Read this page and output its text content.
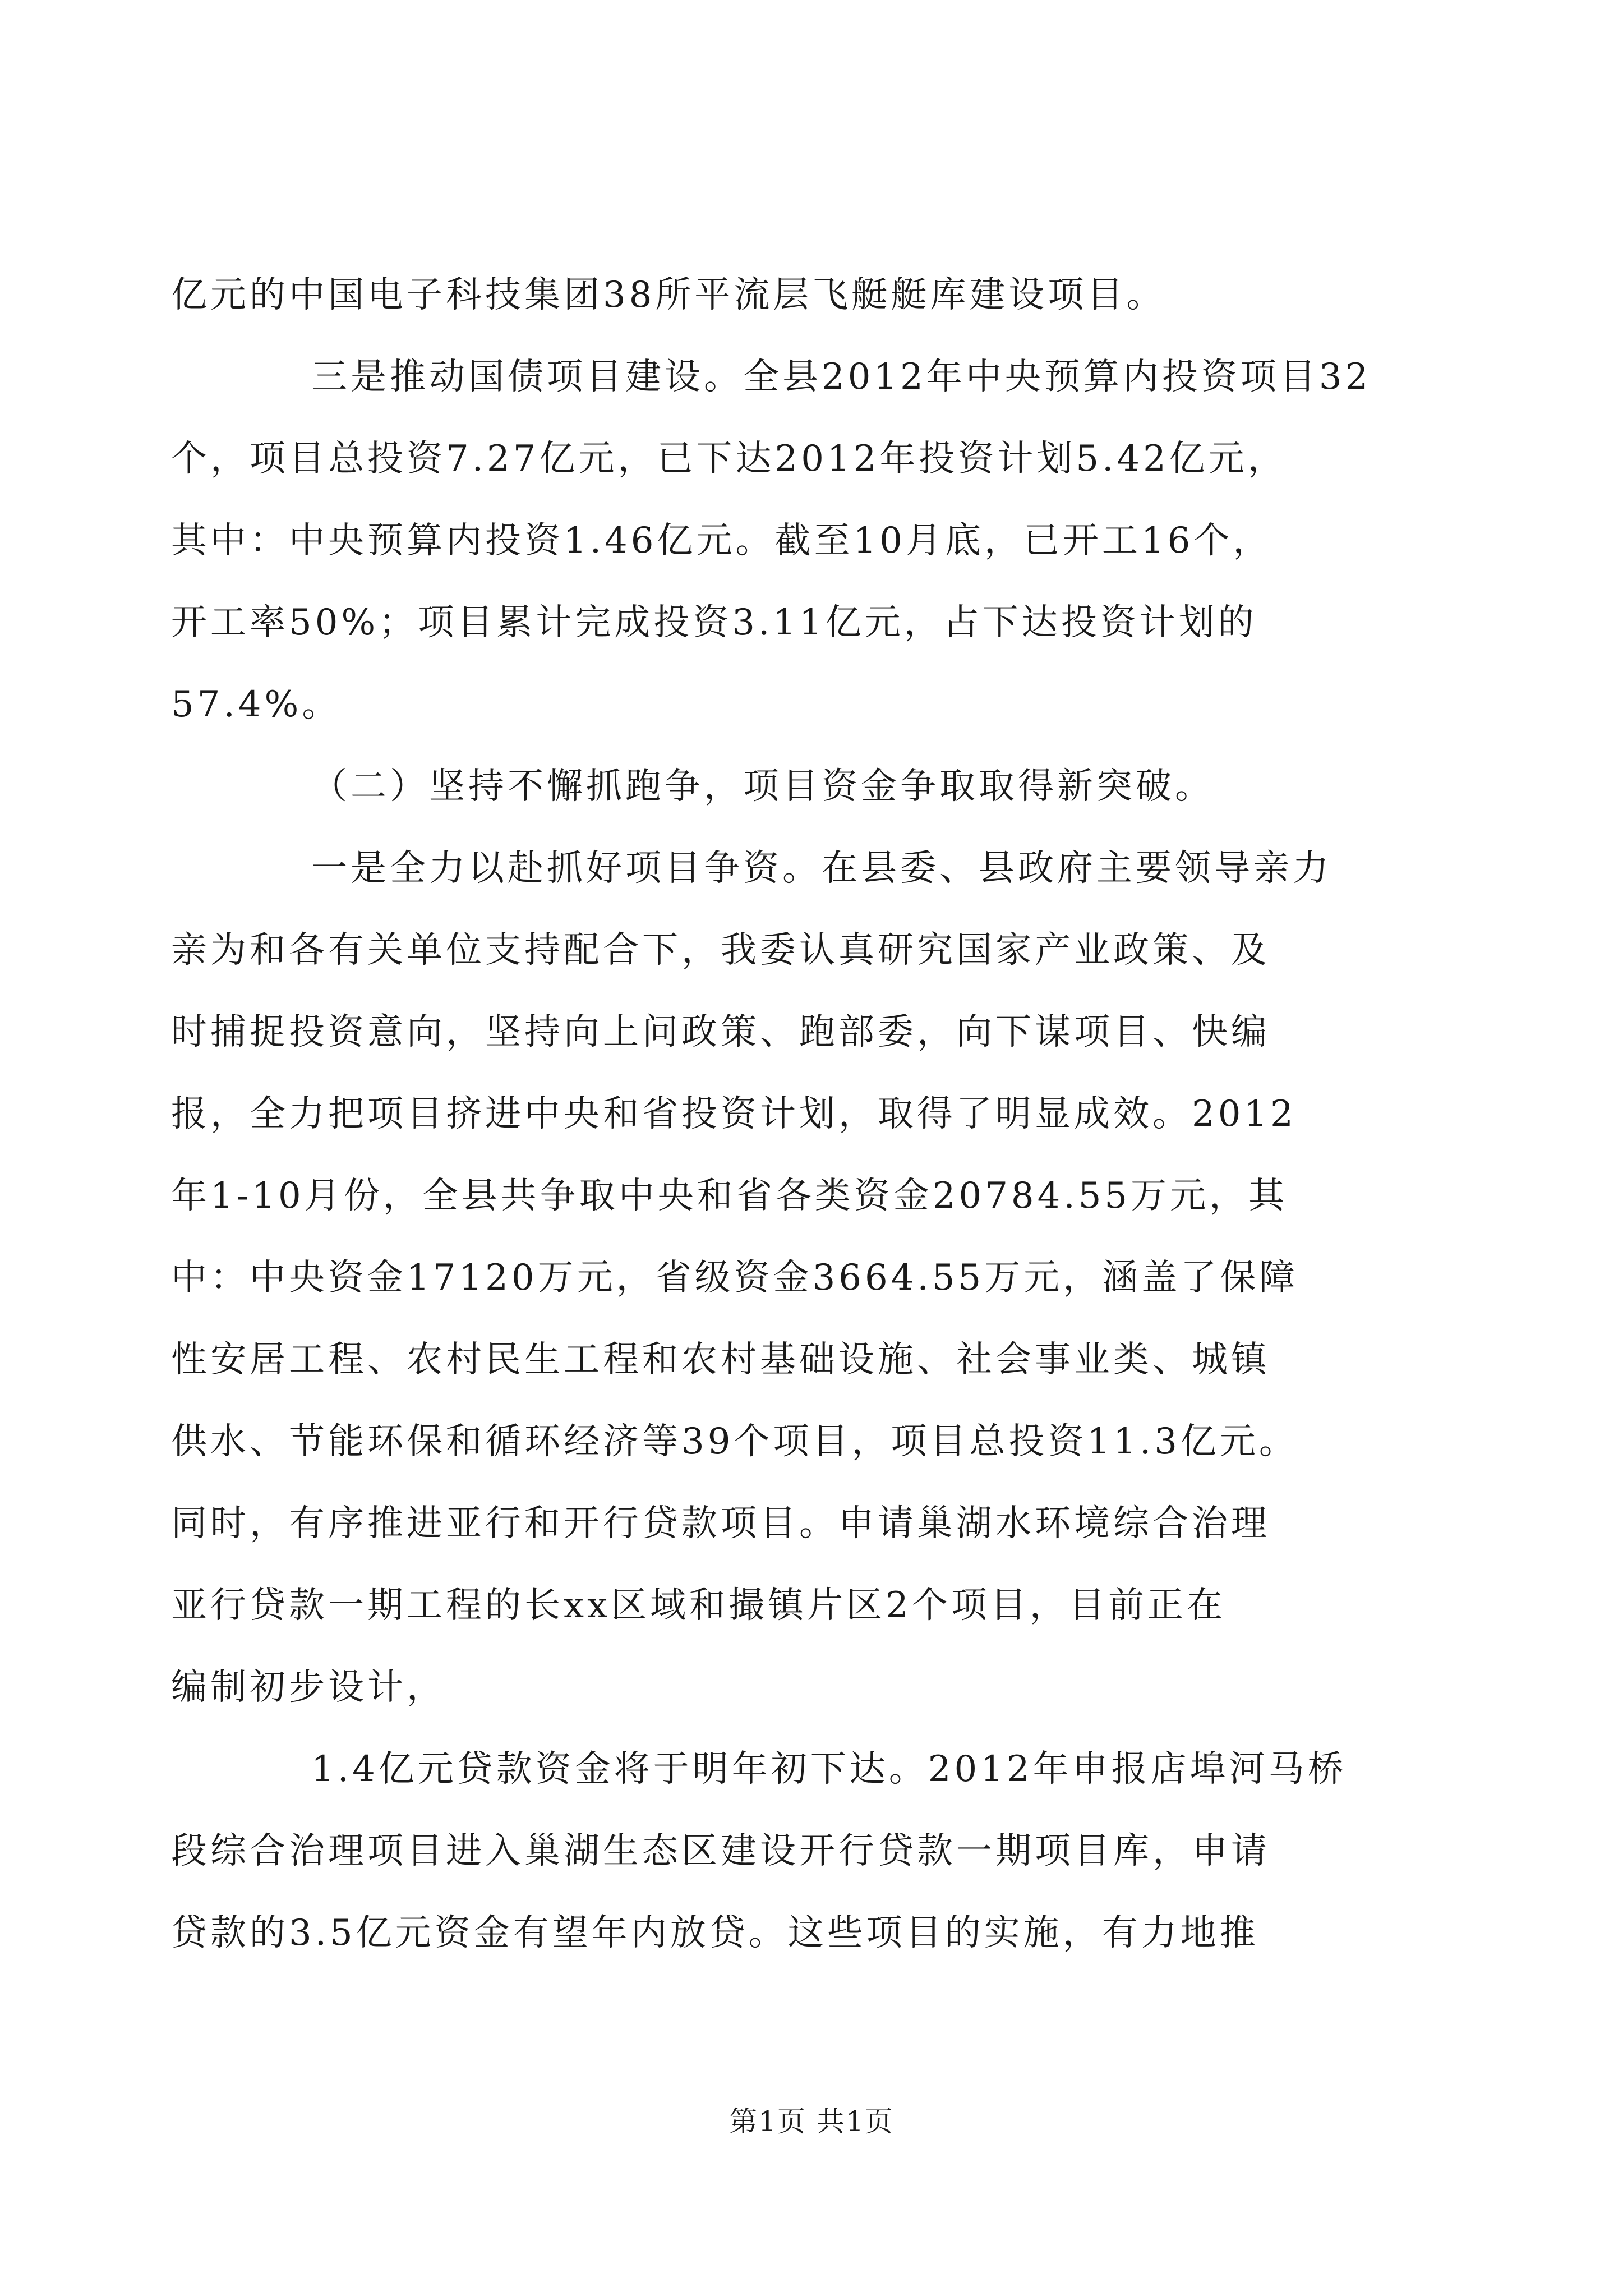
亿元的中国电子科技集团38所平流层飞艇艇库建设项目。
三是推动国债项目建设。全县2012年中央预算内投资项目32
个，项目总投资7.27亿元，已下达2012年投资计划5.42亿元，
其中：中央预算内投资1.46亿元。截至10月底，已开工16个，
开工率50%；项目累计完成投资3.11亿元，占下达投资计划的
57.4%。
（二）坚持不懈抓跑争，项目资金争取取得新突破。
一是全力以赴抓好项目争资。在县委、县政府主要领导亲力
亲为和各有关单位支持配合下，我委认真研究国家产业政策、及
时捕捉投资意向，坚持向上问政策、跑部委，向下谋项目、快编
报，全力把项目挤进中央和省投资计划，取得了明显成效。2012
年1-10月份，全县共争取中央和省各类资金20784.55万元，其
中：中央资金17120万元，省级资金3664.55万元，涵盖了保障
性安居工程、农村民生工程和农村基础设施、社会事业类、城镇
供水、节能环保和循环经济等39个项目，项目总投资11.3亿元。
同时，有序推进亚行和开行贷款项目。申请巢湖水环境综合治理
亚行贷款一期工程的长xx区域和撮镇片区2个项目，目前正在
编制初步设计，
1.4亿元贷款资金将于明年初下达。2012年申报店埠河马桥
段综合治理项目进入巢湖生态区建设开行贷款一期项目库，申请
贷款的3.5亿元资金有望年内放贷。这些项目的实施，有力地推
第1页 共1页
